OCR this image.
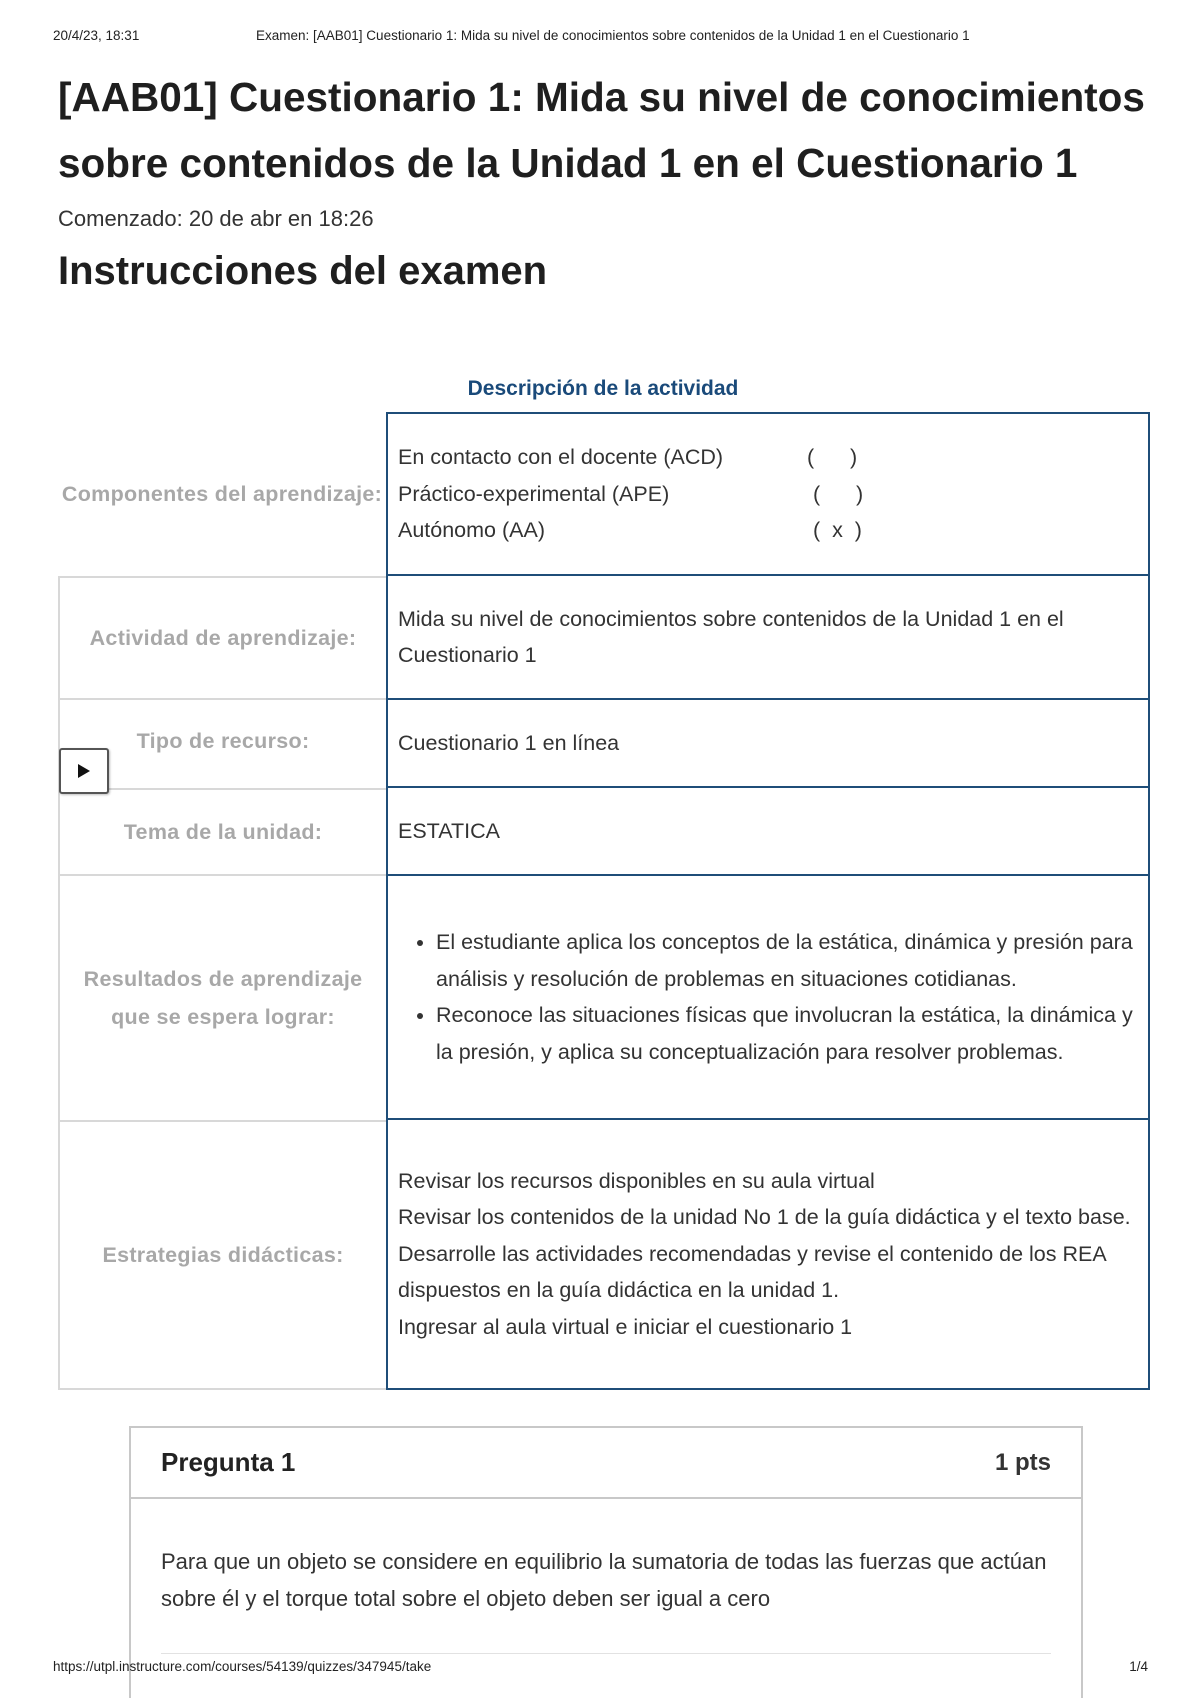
20/4/23, 18:31	Examen: [AAB01] Cuestionario 1: Mida su nivel de conocimientos sobre contenidos de la Unidad 1 en el Cuestionario 1
[AAB01] Cuestionario 1: Mida su nivel de conocimientos sobre contenidos de la Unidad 1 en el Cuestionario 1
Comenzado: 20 de abr en 18:26
Instrucciones del examen
Descripción de la actividad
Componentes del aprendizaje:
En contacto con el docente (ACD)	(      )
Práctico-experimental (APE)	(      )
Autónomo (AA)	(  x  )
Actividad de aprendizaje:
Mida su nivel de conocimientos sobre contenidos de la Unidad 1 en el Cuestionario 1
Tipo de recurso:	Cuestionario 1 en línea
Tema de la unidad:	ESTATICA
Resultados de aprendizaje que se espera lograr:
• El estudiante aplica los conceptos de la estática, dinámica y presión para análisis y resolución de problemas en situaciones cotidianas.
• Reconoce las situaciones físicas que involucran la estática, la dinámica y la presión, y aplica su conceptualización para resolver problemas.
Estrategias didácticas:
Revisar los recursos disponibles en su aula virtual
Revisar los contenidos de la unidad No 1 de la guía didáctica y el texto base.
Desarrolle las actividades recomendadas y revise el contenido de los REA dispuestos en la guía didáctica en la unidad 1.
Ingresar al aula virtual e iniciar el cuestionario 1
Pregunta 1	1 pts
Para que un objeto se considere en equilibrio la sumatoria de todas las fuerzas que actúan sobre él y el torque total sobre el objeto deben ser igual a cero
https://utpl.instructure.com/courses/54139/quizzes/347945/take	1/4
